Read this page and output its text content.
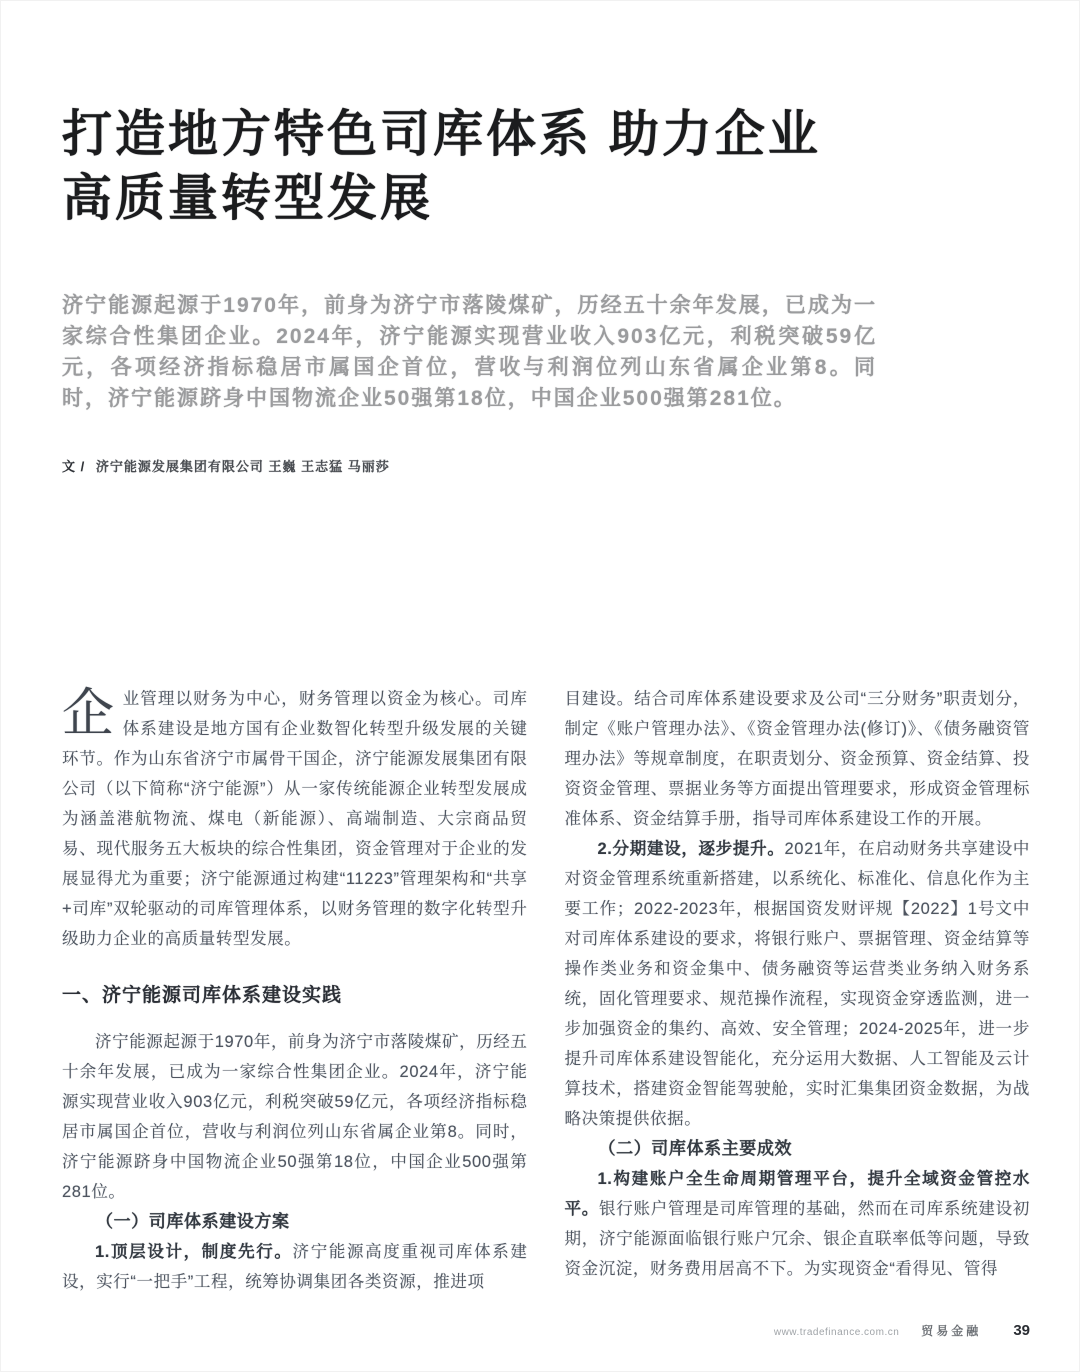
打造地方特色司库体系 助力企业
高质量转型发展
济宁能源起源于1970年，前身为济宁市落陵煤矿，历经五十余年发展，已成为一家综合性集团企业。2024年，济宁能源实现营业收入903亿元，利税突破59亿元，各项经济指标稳居市属国企首位，营收与利润位列山东省属企业第8。同时，济宁能源跻身中国物流企业50强第18位，中国企业500强第281位。
文 / 济宁能源发展集团有限公司 王巍 王志猛 马丽莎

企业管理以财务为中心，财务管理以资金为核心。司库体系建设是地方国有企业数智化转型升级发展的关键环节。作为山东省济宁市属骨干国企，济宁能源发展集团有限公司（以下简称“济宁能源”）从一家传统能源企业转型发展成为涵盖港航物流、煤电（新能源）、高端制造、大宗商品贸易、现代服务五大板块的综合性集团，资金管理对于企业的发展显得尤为重要；济宁能源通过构建“11223”管理架构和“共享+司库”双轮驱动的司库管理体系，以财务管理的数字化转型升级助力企业的高质量转型发展。

一、济宁能源司库体系建设实践

济宁能源起源于1970年，前身为济宁市落陵煤矿，历经五十余年发展，已成为一家综合性集团企业。2024年，济宁能源实现营业收入903亿元，利税突破59亿元，各项经济指标稳居市属国企首位，营收与利润位列山东省属企业第8。同时，济宁能源跻身中国物流企业50强第18位，中国企业500强第281位。

（一）司库体系建设方案

1.顶层设计，制度先行。济宁能源高度重视司库体系建设，实行“一把手”工程，统筹协调集团各类资源，推进项

目建设。结合司库体系建设要求及公司“三分财务”职责划分，制定《账户管理办法》、《资金管理办法(修订)》、《债务融资管理办法》等规章制度，在职责划分、资金预算、资金结算、投资资金管理、票据业务等方面提出管理要求，形成资金管理标准体系、资金结算手册，指导司库体系建设工作的开展。

2.分期建设，逐步提升。2021年，在启动财务共享建设中对资金管理系统重新搭建，以系统化、标准化、信息化作为主要工作；2022-2023年，根据国资发财评规【2022】1号文中对司库体系建设的要求，将银行账户、票据管理、资金结算等操作类业务和资金集中、债务融资等运营类业务纳入财务系统，固化管理要求、规范操作流程，实现资金穿透监测，进一步加强资金的集约、高效、安全管理；2024-2025年，进一步提升司库体系建设智能化，充分运用大数据、人工智能及云计算技术，搭建资金智能驾驶舱，实时汇集集团资金数据，为战略决策提供依据。

（二）司库体系主要成效

1.构建账户全生命周期管理平台，提升全域资金管控水平。银行账户管理是司库管理的基础，然而在司库系统建设初期，济宁能源面临银行账户冗余、银企直联率低等问题，导致资金沉淀，财务费用居高不下。为实现资金“看得见、管得

www.tradefinance.com.cn 贸易金融 39
